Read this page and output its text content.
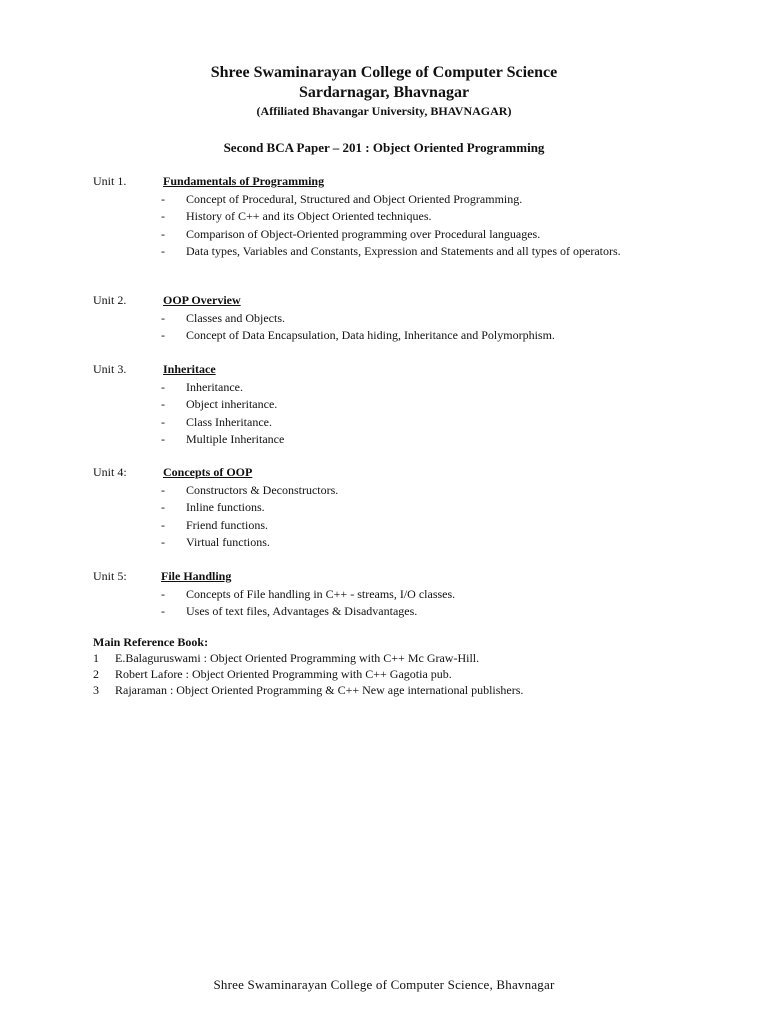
Shree Swaminarayan College of Computer Science
Sardarnagar, Bhavnagar
(Affiliated Bhavangar University, BHAVNAGAR)
Second BCA Paper – 201 : Object Oriented Programming
Unit 1.	Fundamentals of Programming
- Concept of Procedural, Structured and Object Oriented Programming.
- History of C++ and its Object Oriented techniques.
- Comparison of Object-Oriented programming over Procedural languages.
- Data types, Variables and Constants, Expression and Statements and all types of operators.
Unit 2.	OOP Overview
- Classes and Objects.
- Concept of Data Encapsulation, Data hiding, Inheritance and Polymorphism.
Unit 3.	Inheritace
- Inheritance.
- Object inheritance.
- Class Inheritance.
- Multiple Inheritance
Unit 4:	Concepts of OOP
- Constructors & Deconstructors.
- Inline functions.
- Friend functions.
- Virtual functions.
Unit 5:	File Handling
- Concepts of File handling in C++ - streams, I/O classes.
- Uses of text files, Advantages & Disadvantages.
Main Reference Book:
1 E.Balaguruswami : Object Oriented Programming with C++ Mc Graw-Hill.
2 Robert Lafore : Object Oriented Programming with C++ Gagotia pub.
3 Rajaraman : Object Oriented Programming & C++ New age international publishers.
Shree Swaminarayan College of Computer Science, Bhavnagar
